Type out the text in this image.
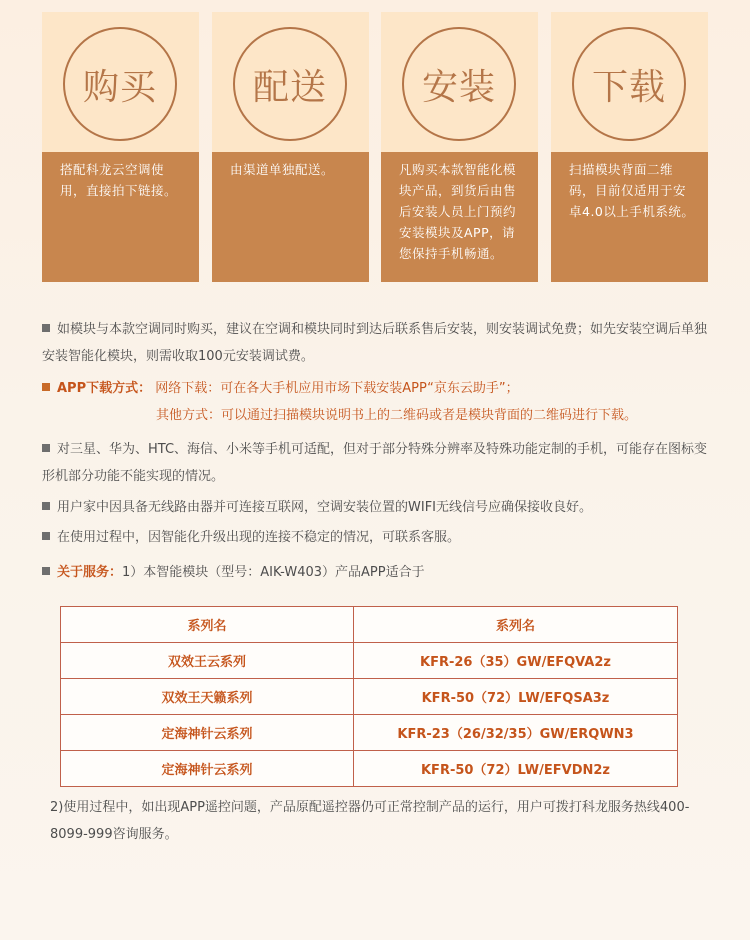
购买
搭配科龙云空调使用，直接拍下链接。
配送
由渠道单独配送。
安装
凡购买本款智能化模块产品，到货后由售后安装人员上门预约安装模块及APP，请您保持手机畅通。
下载
扫描模块背面二维码，目前仅适用于安卓4.0以上手机系统。
如模块与本款空调同时购买，建议在空调和模块同时到达后联系售后安装，则安装调试免费；如先安装空调后单独安装智能化模块，则需收取100元安装调试费。
APP下载方式： 网络下载：可在各大手机应用市场下载安装APP“京东云助手”；
其他方式：可以通过扫描模块说明书上的二维码或者是模块背面的二维码进行下载。
对三星、华为、HTC、海信、小米等手机可适配，但对于部分特殊分辨率及特殊功能定制的手机，可能存在图标变形机部分功能不能实现的情况。
用户家中因具备无线路由器并可连接互联网，空调安装位置的WIFI无线信号应确保接收良好。
在使用过程中，因智能化升级出现的连接不稳定的情况，可联系客服。
关于服务：1）本智能模块（型号：AIK-W403）产品APP适合于
系列名	系列名
双效王云系列	KFR-26（35）GW/EFQVA2z
双效王天籁系列	KFR-50（72）LW/EFQSA3z
定海神针云系列	KFR-23（26/32/35）GW/ERQWN3
定海神针云系列	KFR-50（72）LW/EFVDN2z
2)使用过程中，如出现APP遥控问题，产品原配遥控器仍可正常控制产品的运行，用户可拨打科龙服务热线400-8099-999咨询服务。
